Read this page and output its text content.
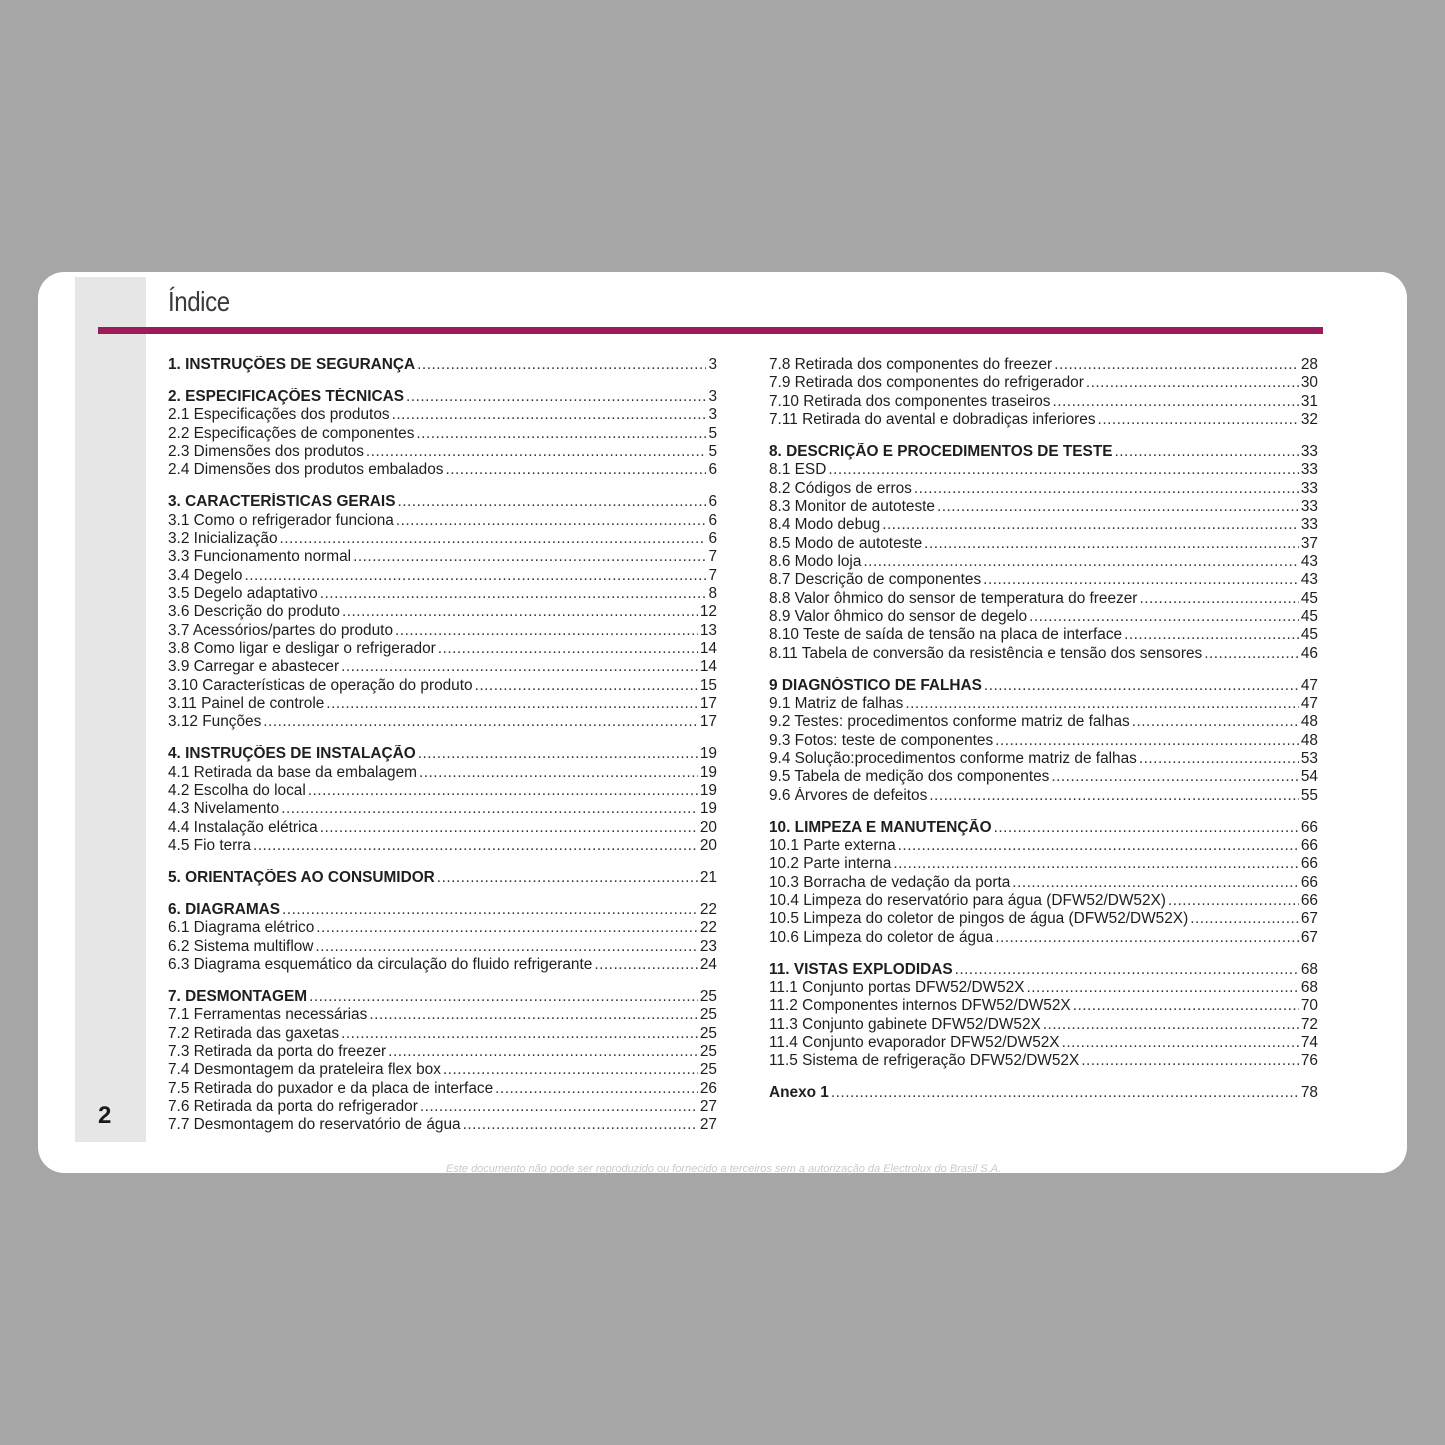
Índice
1. INSTRUÇÕES DE SEGURANÇA .....	3
2. ESPECIFICAÇÕES TÉCNICAS .....	3
2.1 Especificações dos produtos .....	3
2.2 Especificações de componentes .....	5
2.3 Dimensões dos produtos .....	5
2.4 Dimensões dos produtos embalados .....	6
3. CARACTERÍSTICAS GERAIS .....	6
3.1 Como o refrigerador funciona .....	6
3.2 Inicialização .....	6
3.3 Funcionamento normal .....	7
3.4 Degelo .....	7
3.5 Degelo adaptativo .....	8
3.6 Descrição do produto .....	12
3.7 Acessórios/partes do produto .....	13
3.8 Como ligar e desligar o refrigerador .....	14
3.9 Carregar e abastecer .....	14
3.10 Características de operação do produto .....	15
3.11 Painel de controle .....	17
3.12 Funções .....	17
4. INSTRUÇÕES DE INSTALAÇÃO .....	19
4.1 Retirada da base da embalagem .....	19
4.2 Escolha do local .....	19
4.3 Nivelamento .....	19
4.4 Instalação elétrica .....	20
4.5 Fio terra .....	20
5. ORIENTAÇÕES AO CONSUMIDOR .....	21
6. DIAGRAMAS .....	22
6.1 Diagrama elétrico .....	22
6.2 Sistema multiflow .....	23
6.3 Diagrama esquemático da circulação do fluido refrigerante .....	24
7. DESMONTAGEM .....	25
7.1 Ferramentas necessárias .....	25
7.2 Retirada das gaxetas .....	25
7.3 Retirada da porta do freezer .....	25
7.4 Desmontagem da prateleira flex box .....	25
7.5 Retirada do puxador e da placa de interface .....	26
7.6 Retirada da porta do refrigerador .....	27
7.7 Desmontagem do reservatório de água .....	27
7.8 Retirada dos componentes do freezer .....	28
7.9 Retirada dos componentes do refrigerador .....	30
7.10 Retirada dos componentes traseiros .....	31
7.11 Retirada do avental e dobradiças inferiores .....	32
8. DESCRIÇÃO E PROCEDIMENTOS DE TESTE .....	33
8.1 ESD .....	33
8.2 Códigos de erros .....	33
8.3 Monitor de autoteste .....	33
8.4 Modo debug .....	33
8.5 Modo de autoteste .....	37
8.6 Modo loja .....	43
8.7 Descrição de componentes .....	43
8.8 Valor ôhmico do sensor de temperatura do freezer .....	45
8.9 Valor ôhmico do sensor de degelo .....	45
8.10 Teste de saída de tensão na placa de interface .....	45
8.11 Tabela de conversão da resistência e tensão dos sensores .....	46
9 DIAGNÓSTICO DE FALHAS .....	47
9.1 Matriz de falhas .....	47
9.2 Testes: procedimentos conforme matriz de falhas .....	48
9.3 Fotos: teste de componentes .....	48
9.4 Solução:procedimentos conforme matriz de falhas .....	53
9.5 Tabela de medição dos componentes .....	54
9.6 Árvores de defeitos .....	55
10. LIMPEZA E MANUTENÇÃO .....	66
10.1 Parte externa .....	66
10.2 Parte interna .....	66
10.3 Borracha de vedação da porta .....	66
10.4 Limpeza do reservatório para água (DFW52/DW52X) .....	66
10.5 Limpeza do coletor de pingos de água (DFW52/DW52X) .....	67
10.6 Limpeza do coletor de água .....	67
11. VISTAS EXPLODIDAS .....	68
11.1 Conjunto portas DFW52/DW52X .....	68
11.2 Componentes internos DFW52/DW52X .....	70
11.3 Conjunto gabinete DFW52/DW52X .....	72
11.4 Conjunto evaporador DFW52/DW52X .....	74
11.5 Sistema de refrigeração DFW52/DW52X .....	76
Anexo 1 .....	78
2
Este documento não pode ser reproduzido ou fornecido a terceiros sem a autorização da Electrolux do Brasil S.A.
